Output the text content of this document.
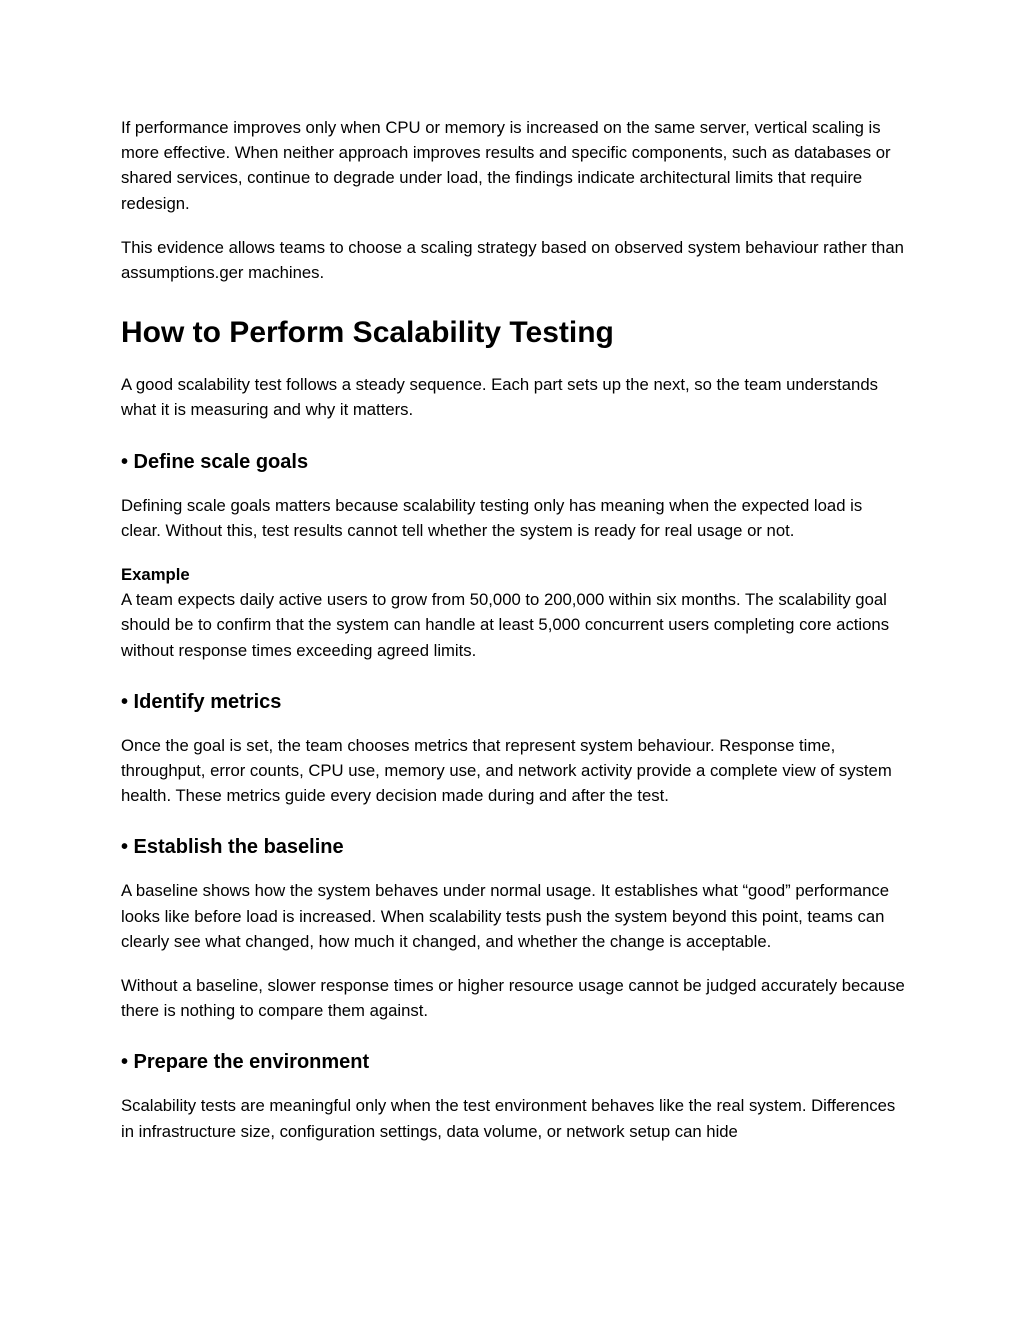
If performance improves only when CPU or memory is increased on the same server, vertical scaling is more effective. When neither approach improves results and specific components, such as databases or shared services, continue to degrade under load, the findings indicate architectural limits that require redesign.

This evidence allows teams to choose a scaling strategy based on observed system behaviour rather than assumptions.ger machines.

How to Perform Scalability Testing

A good scalability test follows a steady sequence. Each part sets up the next, so the team understands what it is measuring and why it matters.

• Define scale goals

Defining scale goals matters because scalability testing only has meaning when the expected load is clear. Without this, test results cannot tell whether the system is ready for real usage or not.

Example
A team expects daily active users to grow from 50,000 to 200,000 within six months. The scalability goal should be to confirm that the system can handle at least 5,000 concurrent users completing core actions without response times exceeding agreed limits.

• Identify metrics

Once the goal is set, the team chooses metrics that represent system behaviour. Response time, throughput, error counts, CPU use, memory use, and network activity provide a complete view of system health. These metrics guide every decision made during and after the test.

• Establish the baseline

A baseline shows how the system behaves under normal usage. It establishes what “good” performance looks like before load is increased. When scalability tests push the system beyond this point, teams can clearly see what changed, how much it changed, and whether the change is acceptable.

Without a baseline, slower response times or higher resource usage cannot be judged accurately because there is nothing to compare them against.

• Prepare the environment

Scalability tests are meaningful only when the test environment behaves like the real system. Differences in infrastructure size, configuration settings, data volume, or network setup can hide
